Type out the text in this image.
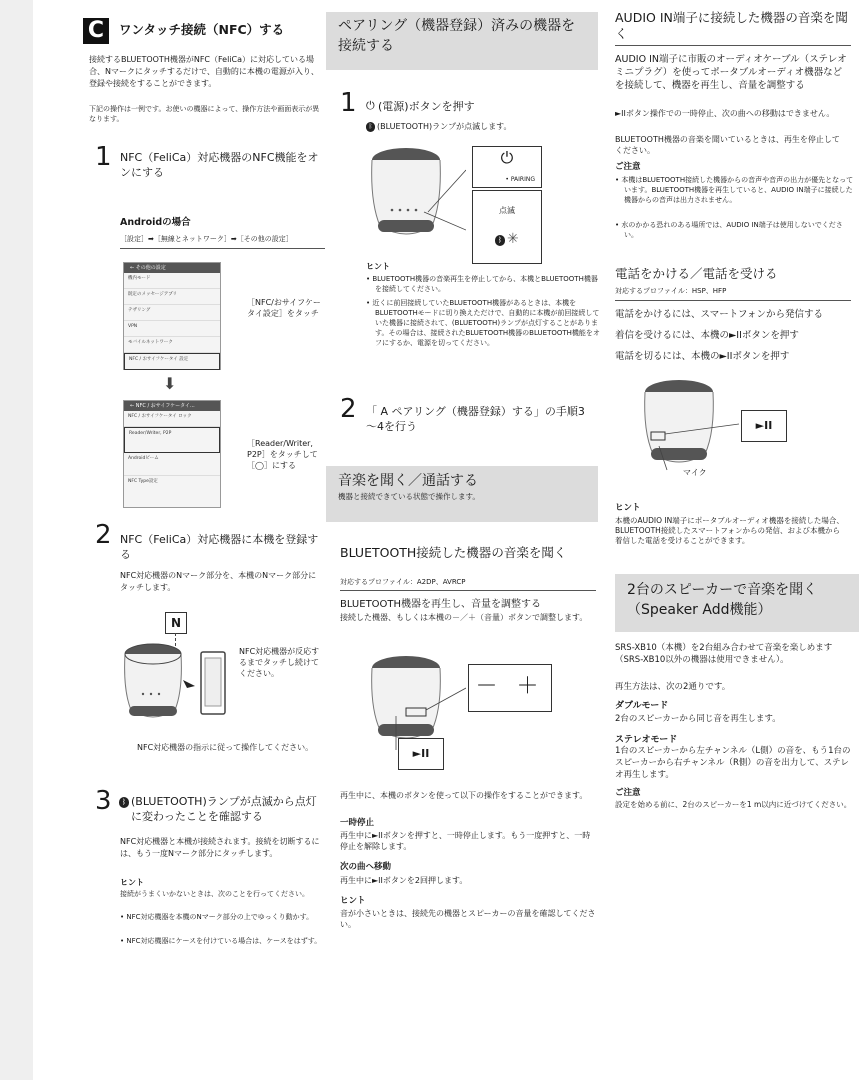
C	ワンタッチ接続（NFC）する
接続するBLUETOOTH機器がNFC（FeliCa）に対応している場合、Nマークにタッチするだけで、自動的に本機の電源が入り、登録や接続をすることができます。
下記の操作は一例です。お使いの機器によって、操作方法や画面表示が異なります。
1 NFC（FeliCa）対応機器のNFC機能をオンにする
Androidの場合
［設定］➡［無線とネットワーク］➡［その他の設定］
← その他の設定
機内モード
既定のメッセージアプリ
テザリング
VPN
モバイルネットワーク
NFC / おサイフケータイ 設定
［NFC/おサイフケータイ設定］をタッチ
⬇
← NFC / おサイフケータイ...
NFC / おサイフケータイ ロック
Reader/Writer, P2P
Androidビーム
NFC Type設定
［Reader/Writer, P2P］をタッチして［◯］にする
2 NFC（FeliCa）対応機器に本機を登録する
NFC対応機器のNマーク部分を、本機のNマーク部分にタッチします。
N
NFC対応機器が反応するまでタッチし続けてください。
NFC対応機器の指示に従って操作してください。
3	ᛒ (BLUETOOTH)ランプが点滅から点灯に変わったことを確認する
NFC対応機器と本機が接続されます。接続を切断するには、もう一度Nマーク部分にタッチします。
ヒント
接続がうまくいかないときは、次のことを行ってください。
• NFC対応機器を本機のNマーク部分の上でゆっくり動かす。
• NFC対応機器にケースを付けている場合は、ケースをはずす。
ペアリング（機器登録）済みの機器を接続する
1 ⏻ (電源)ボタンを押す
ᛒ (BLUETOOTH)ランプが点滅します。
⏻
• PAIRING
点滅
ᛒ ✳
ヒント
• BLUETOOTH機器の音楽再生を停止してから、本機とBLUETOOTH機器を接続してください。
• 近くに前回接続していたBLUETOOTH機器があるときは、本機をBLUETOOTHモードに切り換えただけで、自動的に本機が前回接続していた機器に接続されて、(BLUETOOTH)ランプが点灯することがあります。その場合は、接続されたBLUETOOTH機器のBLUETOOTH機能をオフにするか、電源を切ってください。
2 「 A ペアリング（機器登録）する」の手順3～4を行う
音楽を聞く／通話する
機器と接続できている状態で操作します。
BLUETOOTH接続した機器の音楽を聞く
対応するプロファイル：A2DP、AVRCP
BLUETOOTH機器を再生し、音量を調整する
接続した機器、もしくは本機の－／＋（音量）ボタンで調整します。
－ ＋
►II
再生中に、本機のボタンを使って以下の操作をすることができます。
一時停止
再生中に►IIボタンを押すと、一時停止します。もう一度押すと、一時停止を解除します。
次の曲へ移動
再生中に►IIボタンを2回押します。
ヒント
音が小さいときは、接続先の機器とスピーカーの音量を確認してください。
AUDIO IN端子に接続した機器の音楽を聞く
AUDIO IN端子に市販のオーディオケーブル（ステレオミニプラグ）を使ってポータブルオーディオ機器などを接続して、機器を再生し、音量を調整する
►IIボタン操作での一時停止、次の曲への移動はできません。
BLUETOOTH機器の音楽を聞いているときは、再生を停止してください。
ご注意
• 本機はBLUETOOTH接続した機器からの音声や音声の出力が優先となっています。BLUETOOTH機器を再生していると、AUDIO IN端子に接続した機器からの音声は出力されません。
• 水のかかる恐れのある場所では、AUDIO IN端子は使用しないでください。
電話をかける／電話を受ける
対応するプロファイル：HSP、HFP
電話をかけるには、スマートフォンから発信する
着信を受けるには、本機の►IIボタンを押す
電話を切るには、本機の►IIボタンを押す
►II
マイク
ヒント
本機のAUDIO IN端子にポータブルオーディオ機器を接続した場合、BLUETOOTH接続したスマートフォンからの発信、および本機から着信した電話を受けることができます。
2台のスピーカーで音楽を聞く（Speaker Add機能）
SRS-XB10（本機）を2台組み合わせて音楽を楽しめます（SRS-XB10以外の機器は使用できません）。
再生方法は、次の2通りです。
ダブルモード
2台のスピーカーから同じ音を再生します。
ステレオモード
1台のスピーカーから左チャンネル（L側）の音を、もう1台のスピーカーから右チャンネル（R側）の音を出力して、ステレオ再生します。
ご注意
設定を始める前に、2台のスピーカーを1 m以内に近づけてください。
